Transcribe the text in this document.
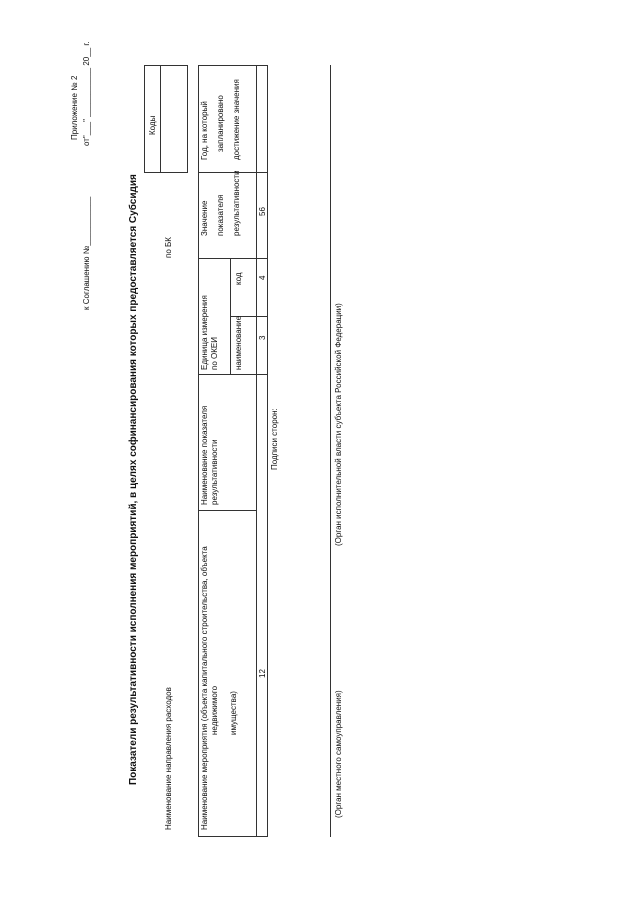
Приложение № 2 от"___" ___________ 20__ г.
к Соглашению №___________	Показатели результативности исполнения мероприятий, в целях софинансирования которых предоставляется Субсидия
Коды
Наименование направления расходов
по БК
Наименование мероприятия (объекта капитального строительства, объекта недвижимого имущества)
Наименование показателя результативности
Единица измерения по ОКЕИ наименование
код
Значение показателя результативности
Год, на который запланировано достижение значения
12
3
4
56
Подписи сторон:
(Орган местного самоуправления)
(Орган исполнительной власти субъекта Российской Федерации)
